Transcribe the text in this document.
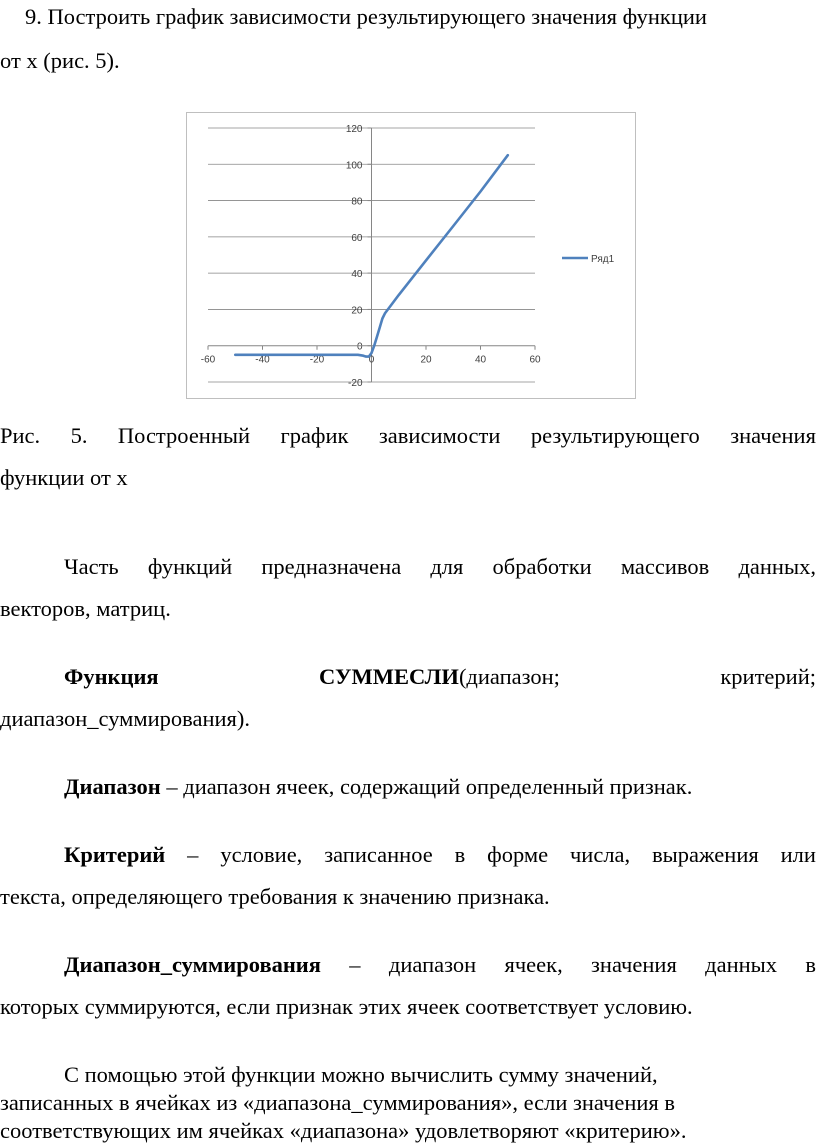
9. Построить график зависимости результирующего значения функции
от x (рис. 5).
-20
0
20
40
60
80
100
120
-60	-40	-20	0	20	40	60
Ряд1
Рис. 5. Построенный график зависимости результирующего значения
функции от x
Часть функций предназначена для обработки массивов данных,
векторов, матриц.
Функция	СУММЕСЛИ(диапазон;	критерий;
диапазон_суммирования).
Диапазон – диапазон ячеек, содержащий определенный признак.
Критерий – условие, записанное в форме числа, выражения или
текста, определяющего требования к значению признака.
Диапазон_суммирования – диапазон ячеек, значения данных в
которых суммируются, если признак этих ячеек соответствует условию.
С помощью этой функции можно вычислить сумму значений,
записанных в ячейках из «диапазона_суммирования», если значения в
соответствующих им ячейках «диапазона» удовлетворяют «критерию».
